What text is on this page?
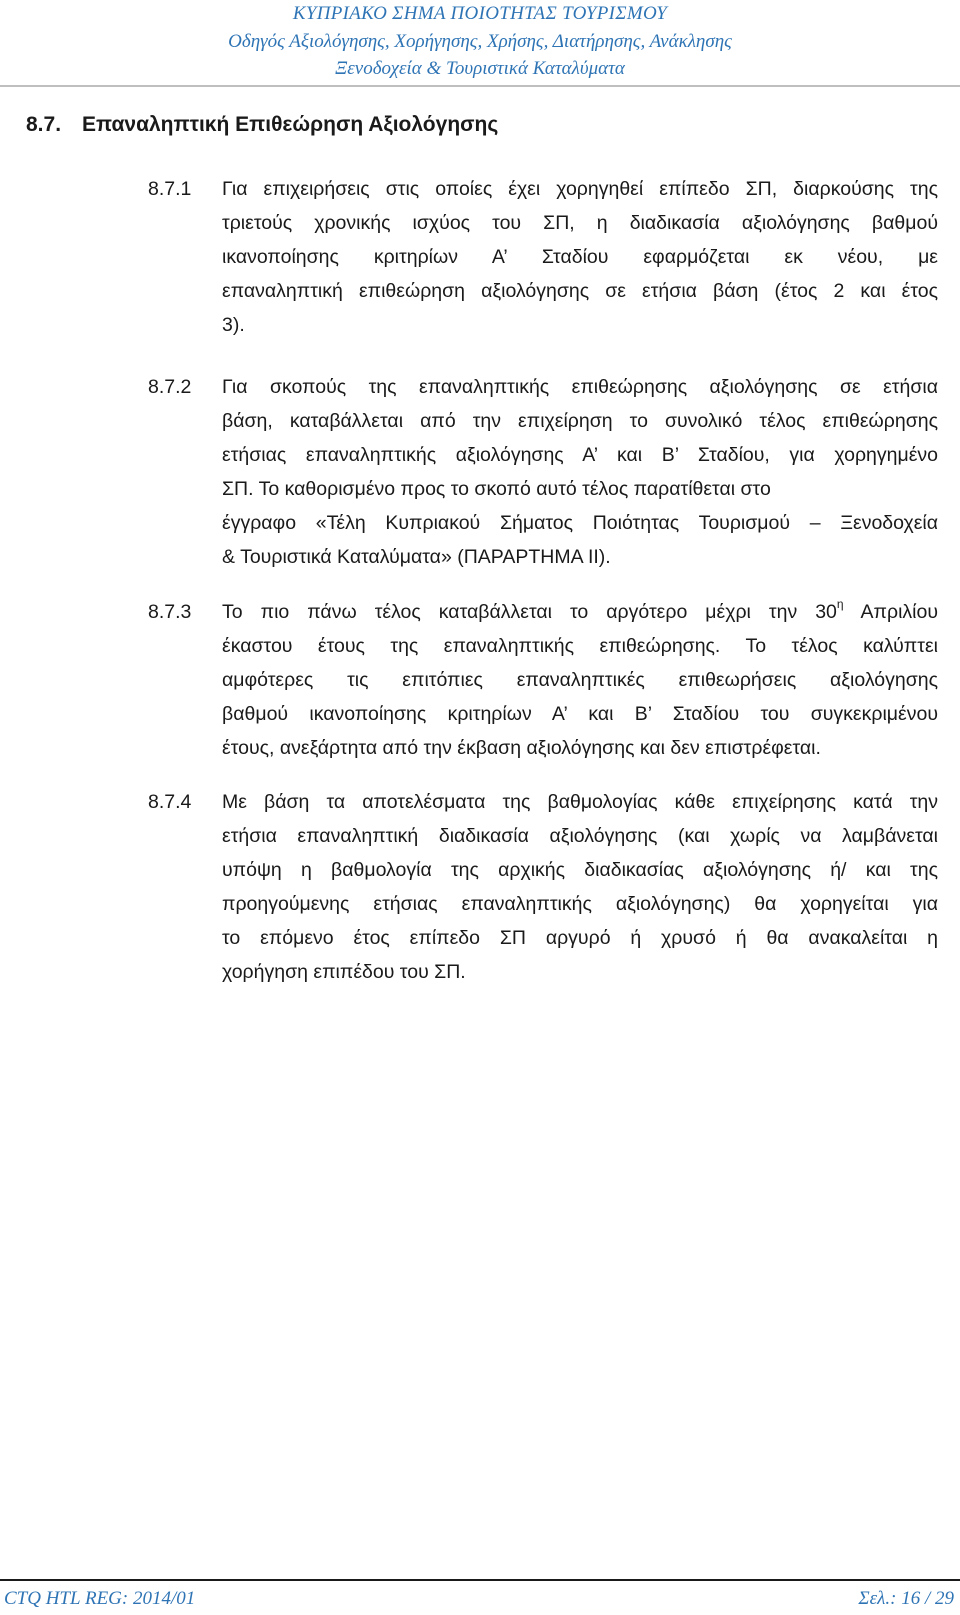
ΚΥΠΡΙΑΚΟ ΣΗΜΑ ΠΟΙΟΤΗΤΑΣ ΤΟΥΡΙΣΜΟΥ
Οδηγός Αξιολόγησης, Χορήγησης, Χρήσης, Διατήρησης, Ανάκλησης
Ξενοδοχεία & Τουριστικά Καταλύματα
8.7. Επαναληπτική Επιθεώρηση Αξιολόγησης
8.7.1 Για επιχειρήσεις στις οποίες έχει χορηγηθεί επίπεδο ΣΠ, διαρκούσης της
τριετούς χρονικής ισχύος του ΣΠ, η διαδικασία αξιολόγησης βαθμού
ικανοποίησης κριτηρίων Α’ Σταδίου εφαρμόζεται εκ νέου, με
επαναληπτική επιθεώρηση αξιολόγησης σε ετήσια βάση (έτος 2 και έτος
3).
8.7.2 Για σκοπούς της επαναληπτικής επιθεώρησης αξιολόγησης σε ετήσια
βάση, καταβάλλεται από την επιχείρηση το συνολικό τέλος επιθεώρησης
ετήσιας επαναληπτικής αξιολόγησης Α’ και Β’ Σταδίου, για χορηγημένο
ΣΠ. Το καθορισμένο προς το σκοπό αυτό τέλος παρατίθεται στο
έγγραφο «Τέλη Κυπριακού Σήματος Ποιότητας Τουρισμού – Ξενοδοχεία
& Τουριστικά Καταλύματα» (ΠΑΡΑΡΤΗΜΑ ΙΙ).
8.7.3 Το πιο πάνω τέλος καταβάλλεται το αργότερο μέχρι την $30^\eta$ Απριλίου
έκαστου έτους της επαναληπτικής επιθεώρησης. Το τέλος καλύπτει
αμφότερες τις επιτόπιες επαναληπτικές επιθεωρήσεις αξιολόγησης
βαθμού ικανοποίησης κριτηρίων Α’ και Β’ Σταδίου του συγκεκριμένου
έτους, ανεξάρτητα από την έκβαση αξιολόγησης και δεν επιστρέφεται.
8.7.4 Με βάση τα αποτελέσματα της βαθμολογίας κάθε επιχείρησης κατά την
ετήσια επαναληπτική διαδικασία αξιολόγησης (και χωρίς να λαμβάνεται
υπόψη η βαθμολογία της αρχικής διαδικασίας αξιολόγησης ή/ και της
προηγούμενης ετήσιας επαναληπτικής αξιολόγησης) θα χορηγείται για
το επόμενο έτος επίπεδο ΣΠ αργυρό ή χρυσό ή θα ανακαλείται η
χορήγηση επιπέδου του ΣΠ.
CTQ HTL REG: 2014/01	Σελ.: 16 / 29
